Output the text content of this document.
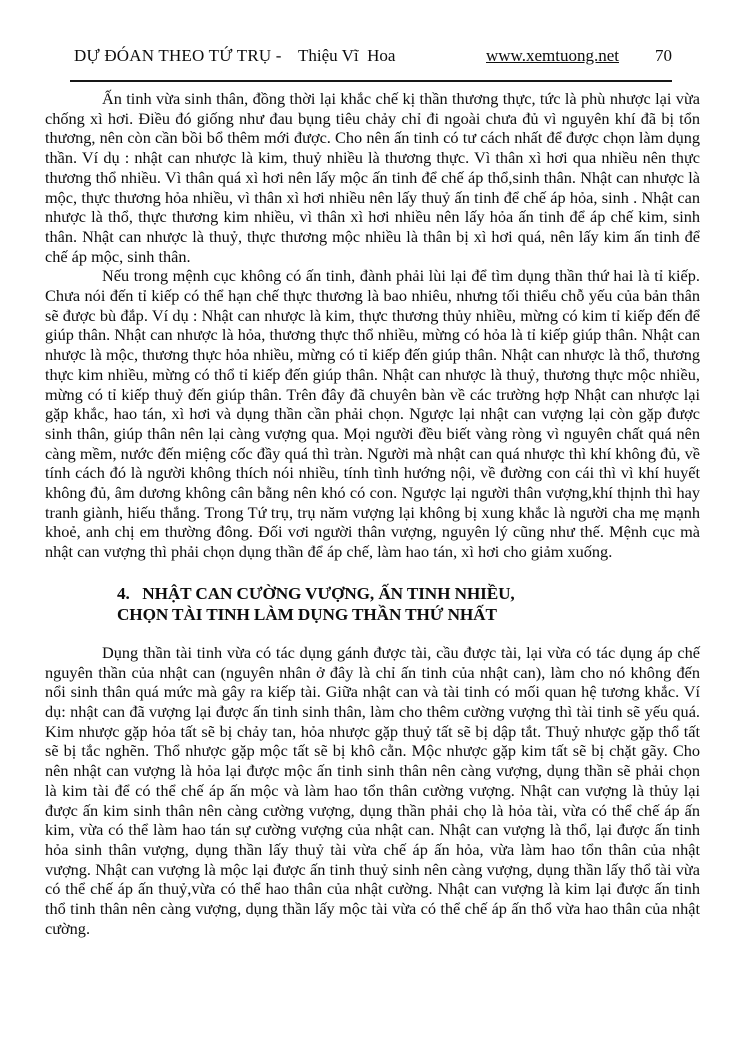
DỰ ĐÓAN THEO TỨ TRỤ - Thiệu Vĩ  Hoa	www.xemtuong.net 70

Ấn tinh vừa sinh thân, đồng thời lại khắc chế kị thần thương thực, tức là phù nhược lại vừa chống xì hơi. Điều đó giống như đau bụng tiêu chảy chỉ đi ngoài chưa đủ vì nguyên khí đã bị tổn thương, nên còn cần bồi bổ thêm mới được. Cho nên ấn tinh có tư cách nhất để được chọn làm dụng thần. Ví dụ : nhật can nhược là kim, thuỷ nhiều là thương thực. Vì thân xì hơi qua nhiều nên thực thương thổ nhiều. Vì thân quá xì hơi nên lấy mộc ấn tinh để chế áp thổ,sinh thân. Nhật can nhược là mộc, thực thương hỏa nhiều, vì thân xì hơi nhiều nên lấy thuỷ ấn tinh để chế áp hỏa, sinh . Nhật can nhược là thổ, thực thương kim nhiều, vì thân xì hơi nhiều nên lấy hỏa ấn tinh để áp chế kim, sinh thân. Nhật can nhược là thuỷ, thực thương mộc nhiều là thân bị xì hơi quá, nên lấy kim ấn tinh để chế áp mộc, sinh thân.

Nếu trong mệnh cục không có ấn tinh, đành phải lùi lại để tìm dụng thần thứ hai là tỉ kiếp. Chưa nói đến tỉ kiếp có thể hạn chế thực thương là bao nhiêu, nhưng tối thiểu chỗ yếu của bản thân sẽ được bù đắp. Ví dụ : Nhật can nhược là kim, thực thương thủy nhiều, mừng có kim tỉ kiếp đến để giúp thân. Nhật can nhược là hỏa, thương thực thổ nhiều, mừng có hỏa là tỉ kiếp giúp thân. Nhật can nhược là mộc, thương thực hỏa nhiều, mừng có tỉ kiếp đến giúp thân. Nhật can nhược là thổ, thương thực kim nhiều, mừng có thổ tỉ kiếp đến giúp thân. Nhật can nhược là thuỷ, thương thực mộc nhiều, mừng có tỉ kiếp thuỷ đến giúp thân. Trên đây đã chuyên bàn về các trường hợp Nhật can nhược lại gặp khắc, hao tán, xì hơi và dụng thần cần phải chọn. Ngược lại nhật can vượng lại còn gặp được sinh thân, giúp thân nên lại càng vượng qua. Mọi người đều biết vàng ròng vì nguyên chất quá nên càng mềm, nước đến miệng cốc đầy quá thì tràn. Người mà nhật can quá nhược thì khí không đủ, về tính cách đó là người không thích nói nhiều, tính tình hướng nội, về đường con cái thì vì khí huyết không đủ, âm dương không cân bằng nên khó có con. Ngược lại người thân vượng,khí thịnh thì hay tranh giành, hiếu thắng. Trong Tứ trụ, trụ năm vượng lại không bị xung khắc là người cha mẹ mạnh khoẻ, anh chị em thường đông. Đối vơi người thân vượng, nguyên lý cũng như thế. Mệnh cục mà nhật can vượng thì phải chọn dụng thần để áp chế, làm hao tán, xì hơi cho giảm xuống.

4.   NHẬT CAN CƯỜNG VƯỢNG, ẤN TINH NHIỀU,
CHỌN TÀI TINH LÀM DỤNG THẦN THỨ NHẤT

Dụng thần tài tinh vừa có tác dụng gánh được tài, cầu được tài, lại vừa có tác dụng áp chế nguyên thần của nhật can (nguyên nhân ở đây là chỉ ấn tinh của nhật can), làm cho nó không đến nổi sinh thân quá mức mà gây ra kiếp tài. Giữa nhật can và tài tinh có mối quan hệ tương khắc. Ví dụ: nhật can đã vượng lại được ấn tinh sinh thân, làm cho thêm cường vượng thì tài tinh sẽ yếu quá. Kim nhược gặp hỏa tất sẽ bị chảy tan, hỏa nhược gặp thuỷ tất sẽ bị dập tắt. Thuỷ nhược gặp thổ tất sẽ bị tắc nghẽn. Thổ nhược gặp mộc tất sẽ bị khô cằn. Mộc nhược gặp kim tất sẽ bị chặt gãy. Cho nên nhật can vượng là hỏa lại được mộc ấn tinh sinh thân nên càng vượng, dụng thần sẽ phải chọn là kim tài để có thể chế áp ấn mộc và làm hao tổn thân cường vượng. Nhật can vượng là thủy lại được ấn kim sinh thân nên càng cường vượng, dụng thần phải chọ là hỏa tài, vừa có thể chế áp ấn kim, vừa có thể làm hao tán sự cường vượng của nhật can. Nhật can vượng là thổ, lại được ấn tinh hỏa sinh thân vượng, dụng thần lấy thuỷ tài vừa chế áp ấn hỏa, vừa làm hao tổn thân của nhật vượng. Nhật can vượng là mộc lại được ấn tinh thuỷ sinh nên càng vượng, dụng thần lấy thổ tài vừa có thể chế áp ấn thuỷ,vừa có thể hao thân của nhật cường. Nhật can vượng là kim lại được ấn tinh thổ tinh thân nên càng vượng, dụng thần lấy mộc tài vừa có thể chế áp ấn thổ vừa hao thân của nhật cường.
